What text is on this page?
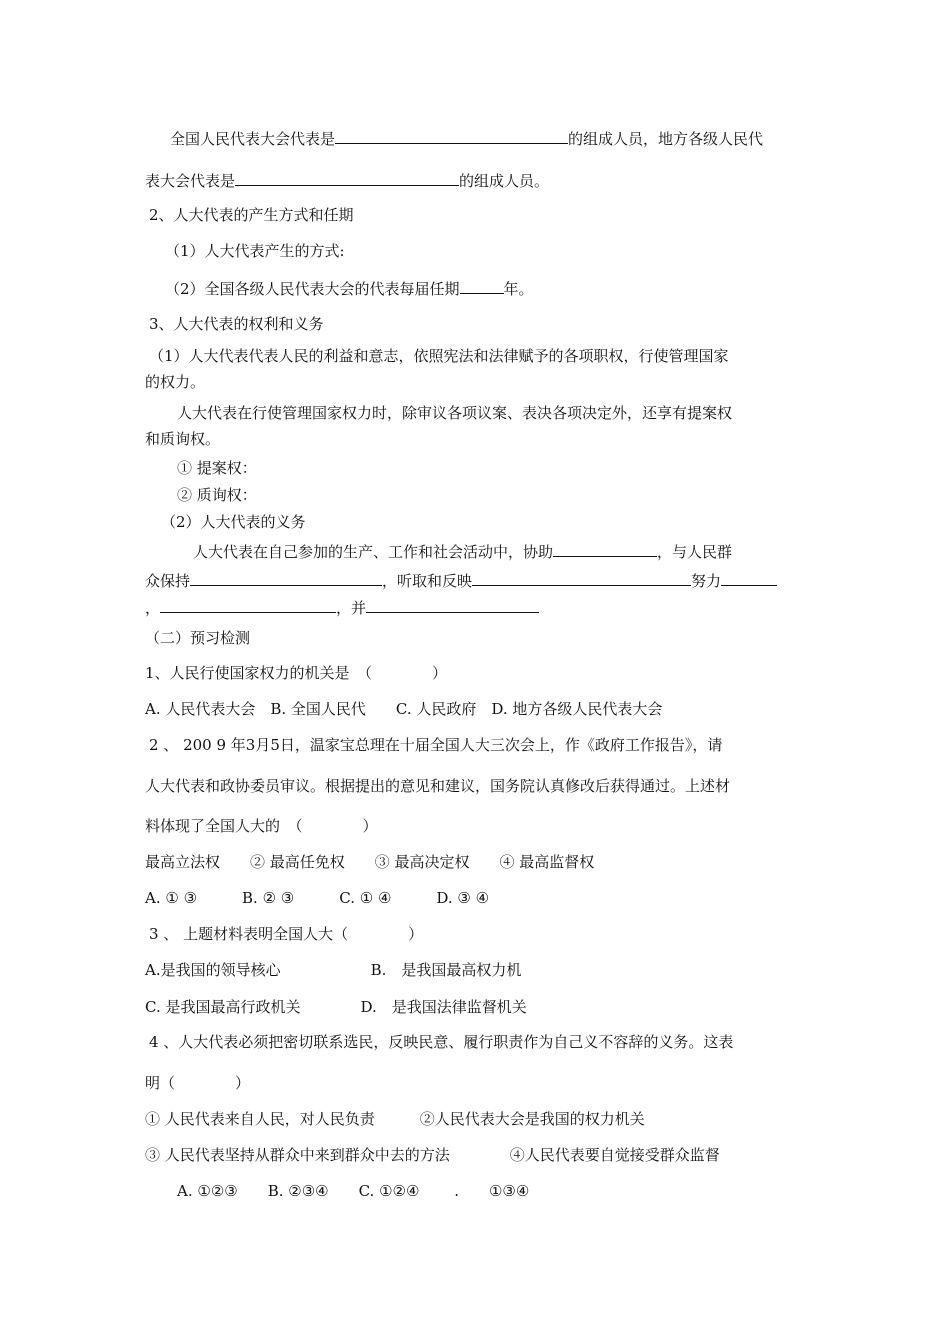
全国人民代表大会代表是	的组成人员，地方各级人民代
表大会代表是	的组成人员。
2、人大代表的产生方式和任期
（1）人大代表产生的方式:
（2）全国各级人民代表大会的代表每届任期	年。
3、人大代表的权利和义务
（1）人大代表代表人民的利益和意志，依照宪法和法律赋予的各项职权，行使管理国家
的权力。
人大代表在行使管理国家权力时，除审议各项议案、表决各项决定外，还享有提案权
和质询权。
① 提案权：
② 质询权：
（2）人大代表的义务
人大代表在自己参加的生产、工作和社会活动中，协助	，与人民群
众保持	，听取和反映	努力
，	，并
（二）预习检测
1、人民行使国家权力的机关是　（　　　　）
A. 人民代表大会　B. 全国人民代　　C. 人民政府　D. 地方各级人民代表大会
2 、 200 9 年3月5日，温家宝总理在十届全国人大三次会上，作《政府工作报告》，请
人大代表和政协委员审议。根据提出的意见和建议，国务院认真修改后获得通过。上述材
料体现了全国人大的　（　　　　）
最高立法权　　② 最高任免权　　③ 最高决定权　　④ 最高监督权
A. ① ③　　　B. ② ③　　　C. ① ④　　　D. ③ ④
3 、 上题材料表明全国人大（　　　　）
A.是我国的领导核心　　　　　　B.　是我国最高权力机
C. 是我国最高行政机关　　　　D.　是我国法律监督机关
4 、人大代表必须把密切联系选民，反映民意、履行职责作为自己义不容辞的义务。这表
明（　　　　）
① 人民代表来自人民，对人民负责　　　②人民代表大会是我国的权力机关
③ 人民代表坚持从群众中来到群众中去的方法　　　　④人民代表要自觉接受群众监督
A. ①②③　　B. ②③④　　C. ①②④　　 .　　①③④
